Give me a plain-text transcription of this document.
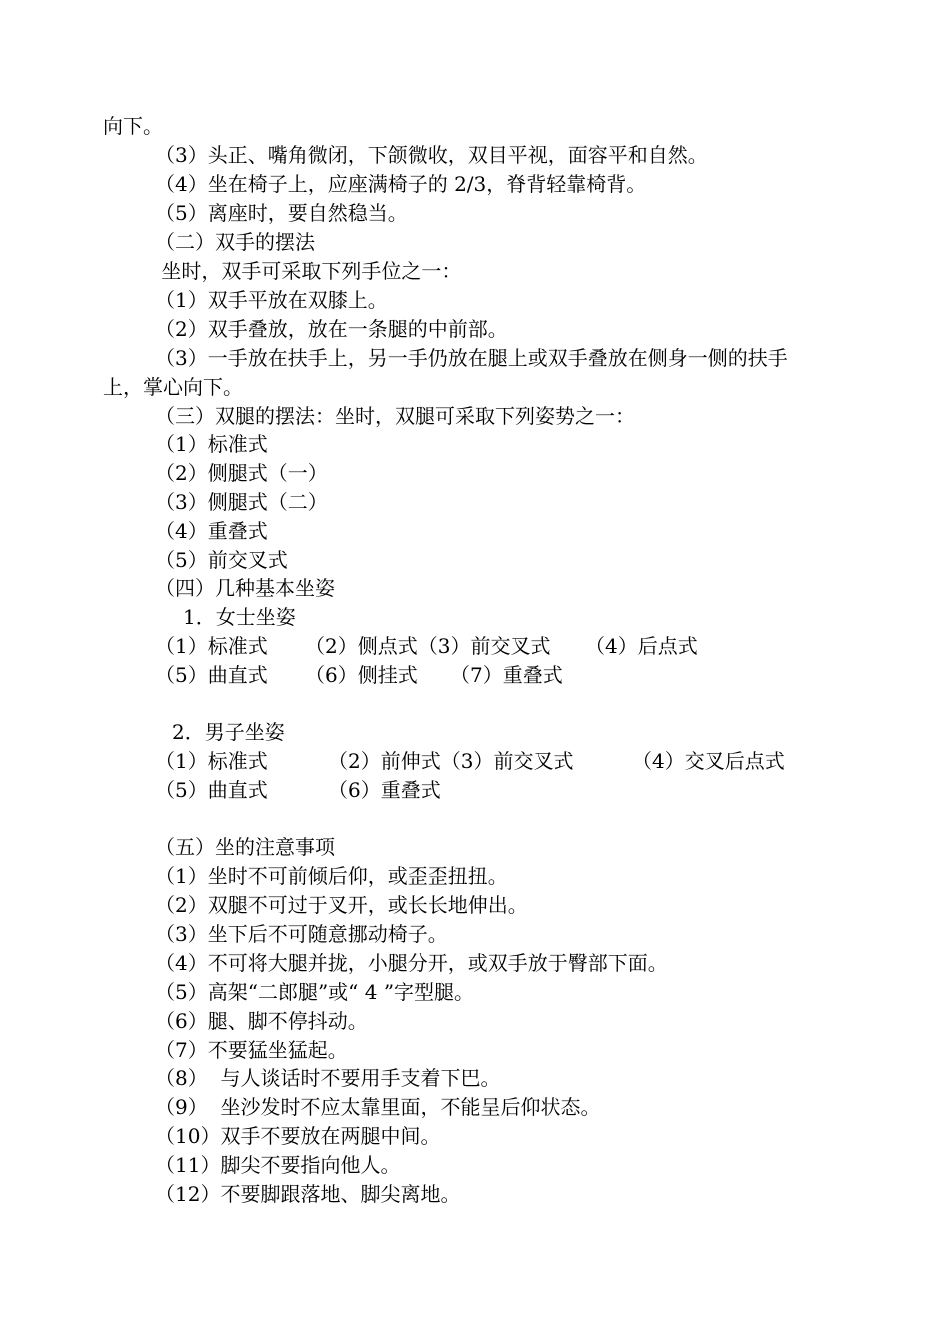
向下。
（3）头正、嘴角微闭，下颌微收，双目平视，面容平和自然。
（4）坐在椅子上，应座满椅子的 2/3，脊背轻靠椅背。
（5）离座时，要自然稳当。
（二）双手的摆法
坐时，双手可采取下列手位之一：
（1）双手平放在双膝上。
（2）双手叠放，放在一条腿的中前部。
（3）一手放在扶手上，另一手仍放在腿上或双手叠放在侧身一侧的扶手
上，掌心向下。
（三）双腿的摆法：坐时，双腿可采取下列姿势之一：
（1）标准式
（2）侧腿式（一）
（3）侧腿式（二）
（4）重叠式
（5）前交叉式
（四）几种基本坐姿
1．女士坐姿
（1）标准式 （2）侧点式（3）前交叉式 （4）后点式
（5）曲直式 （6）侧挂式 （7）重叠式
2．男子坐姿
（1）标准式	（2）前伸式（3）前交叉式	（4）交叉后点式
（5）曲直式	（6）重叠式
（五）坐的注意事项
（1）坐时不可前倾后仰，或歪歪扭扭。
（2）双腿不可过于叉开，或长长地伸出。
（3）坐下后不可随意挪动椅子。
（4）不可将大腿并拢，小腿分开，或双手放于臀部下面。
（5）高架“二郎腿”或“ 4 ”字型腿。
（6）腿、脚不停抖动。
（7）不要猛坐猛起。
（8）  与人谈话时不要用手支着下巴。
（9）  坐沙发时不应太靠里面，不能呈后仰状态。
（10）双手不要放在两腿中间。
（11）脚尖不要指向他人。
（12）不要脚跟落地、脚尖离地。
